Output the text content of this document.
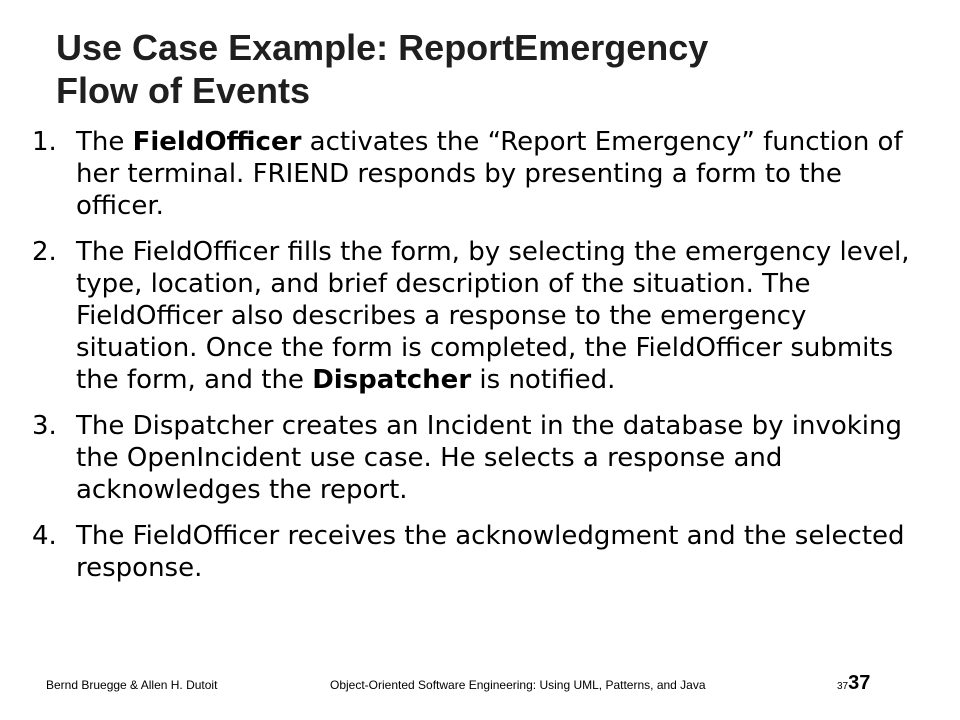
Use Case Example: ReportEmergency
Flow of Events
1. The FieldOfficer activates the “Report Emergency” function of her terminal. FRIEND responds by presenting a form to the officer.
2. The FieldOfficer fills the form, by selecting the emergency level, type, location, and brief description of the situation. The FieldOfficer also describes a response to the emergency situation. Once the form is completed, the FieldOfficer submits the form, and the Dispatcher is notified.
3. The Dispatcher creates an Incident in the database by invoking the OpenIncident use case. He selects a response and acknowledges the report.
4. The FieldOfficer receives the acknowledgment and the selected response.
Bernd Bruegge & Allen H. Dutoit	Object-Oriented Software Engineering: Using UML, Patterns, and Java	3737
